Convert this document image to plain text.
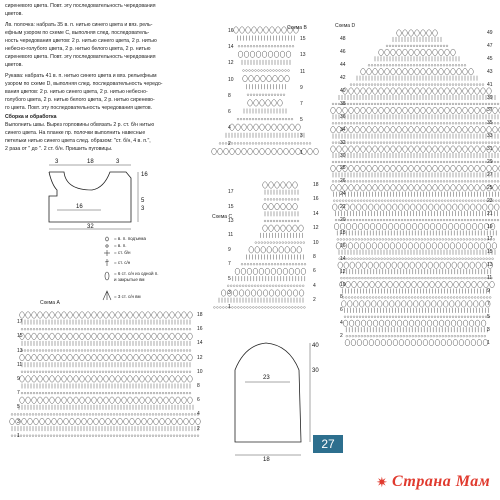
сиреневого цвета. Повт. эту последовательность чередования
цветов.
Лв. полочка: набрать 35 в. п. нитью синего цвета и вяз. рель-
ефным узором по схеме С, выполняя след. последователь-
ность чередования цветов: 2 р. нитью синего цвета, 2 р. нитью
небесно-голубого цвета, 2 р. нитью белого цвета, 2 р. нитью
сиреневого цвета. Повт. эту последовательность чередования
цветов.
Рукава: набрать 41 в. п. нитью синего цвета и вяз. рельефным
узором по схеме D, выполняя след. последовательность чередо-
вания цветов: 2 р. нитью синего цвета, 2 р. нитью небесно-
голубого цвета, 2 р. нитью белого цвета, 2 р. нитью сиренево-
го цвета. Повт. эту последовательность чередования цветов.
Сборка и обработка
Выполнить швы. Вырез горловины обвязать 2 р. ст. б/н нитью
синего цвета. На планке пр. полочки выполнить навесные
петельки нитью синего цвета след. образом: "ст. б/н, 4 в. п.",
2 раза от " до ". 2 ст. б/н. Пришить пуговицы.
3	18	3
16
16
5
3
32
40
23
30
18
= в. п. подъема
= в. п.
= ст. б/н
= ст. с/н
= 6 ст. с/н из одной п.
и закрытые вм
= 3 ст. с/н вм
Схема A
Схема B
Схема C
Схема D
18
17
16
15
14
13
12
11
10
9
8
7
6
5
4
3
2
1
16
15
14
13
12
11
10
9
8
7
6
5
4
3
2
1
18
17
16
15
14
13
12
11
10
9
8
7
6
5
4
3
2
1
49
48
47
46
45
44
43
42
41
40
39
38
37
36
35
34
33
32
31
30
29
28
27
26
25
24
23
22
21
20
19
18
17
16
15
14
13
12
11
10
9
8
7
6
5
4
3
2
1
27
✷ Страна Мам
